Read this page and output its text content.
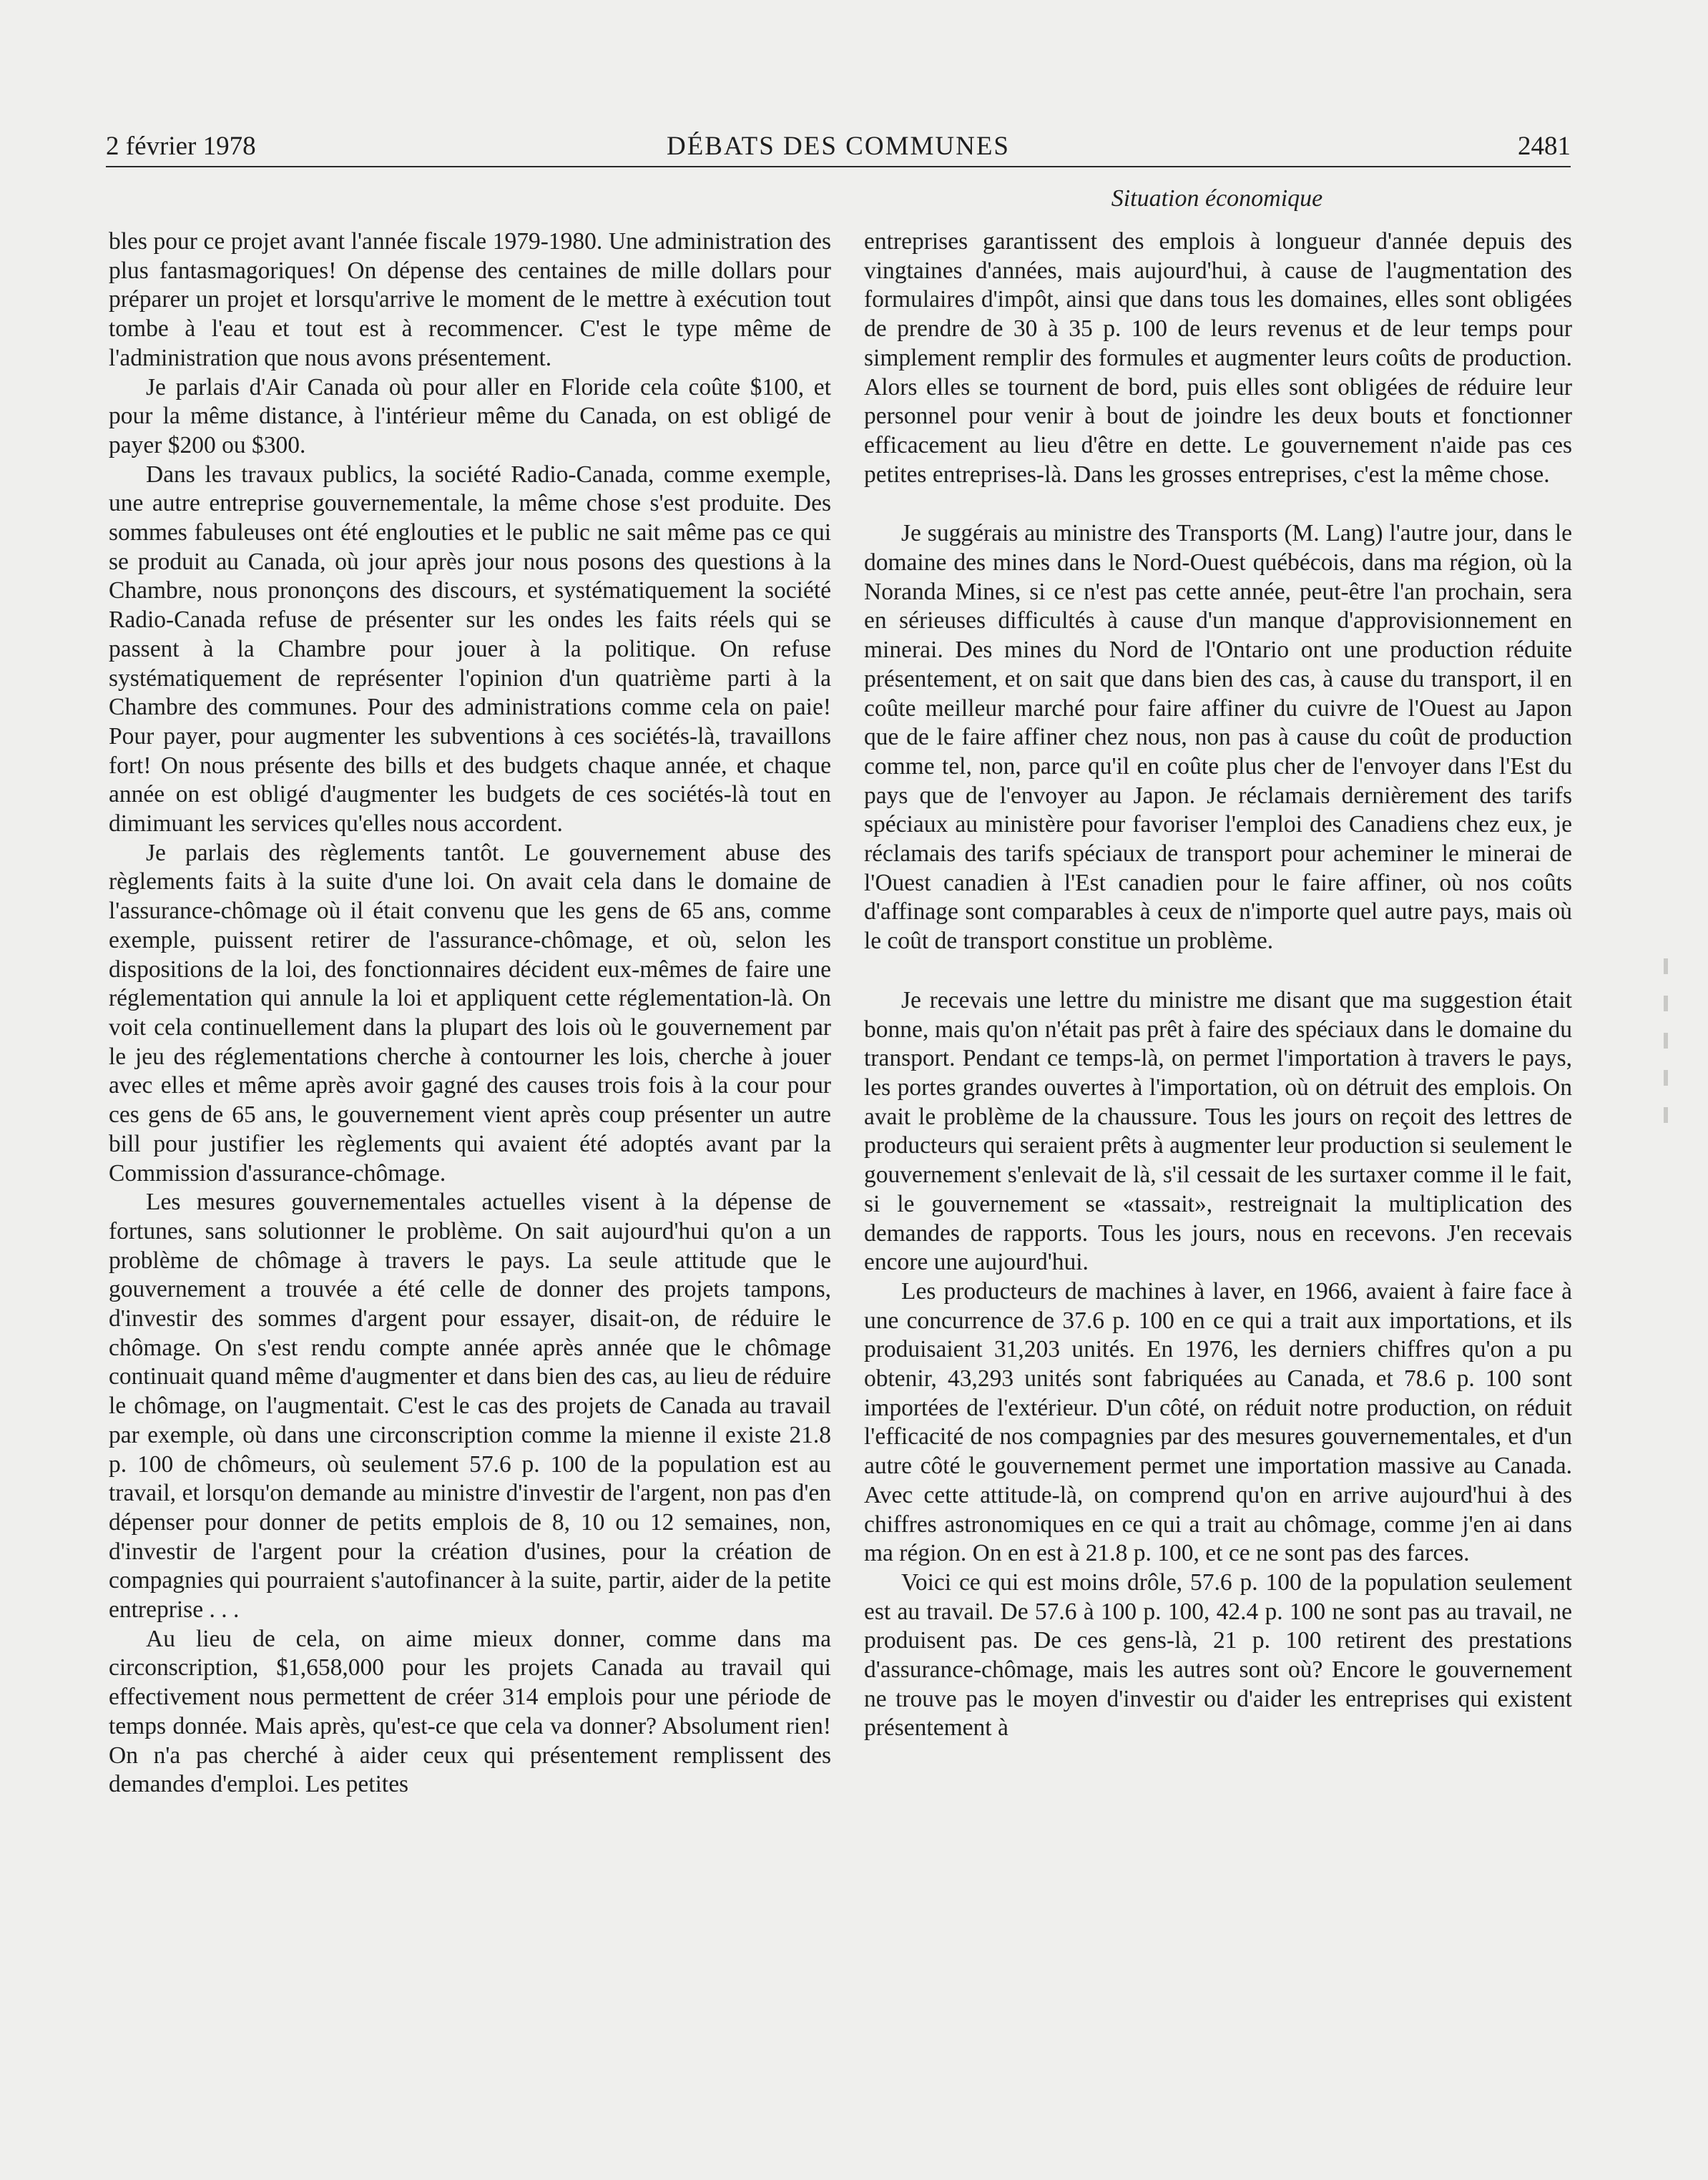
2 février 1978	DÉBATS DES COMMUNES	2481
Situation économique

bles pour ce projet avant l'année fiscale 1979-1980. Une administration des plus fantasmagoriques! On dépense des centaines de mille dollars pour préparer un projet et lorsqu'arrive le moment de le mettre à exécution tout tombe à l'eau et tout est à recommencer. C'est le type même de l'administration que nous avons présentement.

Je parlais d'Air Canada où pour aller en Floride cela coûte $100, et pour la même distance, à l'intérieur même du Canada, on est obligé de payer $200 ou $300.

Dans les travaux publics, la société Radio-Canada, comme exemple, une autre entreprise gouvernementale, la même chose s'est produite. Des sommes fabuleuses ont été englouties et le public ne sait même pas ce qui se produit au Canada, où jour après jour nous posons des questions à la Chambre, nous prononçons des discours, et systématiquement la société Radio-Canada refuse de présenter sur les ondes les faits réels qui se passent à la Chambre pour jouer à la politique. On refuse systématiquement de représenter l'opinion d'un quatrième parti à la Chambre des communes. Pour des administrations comme cela on paie! Pour payer, pour augmenter les subventions à ces sociétés-là, travaillons fort! On nous présente des bills et des budgets chaque année, et chaque année on est obligé d'augmenter les budgets de ces sociétés-là tout en dimimuant les services qu'elles nous accordent.

Je parlais des règlements tantôt. Le gouvernement abuse des règlements faits à la suite d'une loi. On avait cela dans le domaine de l'assurance-chômage où il était convenu que les gens de 65 ans, comme exemple, puissent retirer de l'assurance-chômage, et où, selon les dispositions de la loi, des fonctionnaires décident eux-mêmes de faire une réglementation qui annule la loi et appliquent cette réglementation-là. On voit cela continuellement dans la plupart des lois où le gouvernement par le jeu des réglementations cherche à contourner les lois, cherche à jouer avec elles et même après avoir gagné des causes trois fois à la cour pour ces gens de 65 ans, le gouvernement vient après coup présenter un autre bill pour justifier les règlements qui avaient été adoptés avant par la Commission d'assurance-chômage.

Les mesures gouvernementales actuelles visent à la dépense de fortunes, sans solutionner le problème. On sait aujourd'hui qu'on a un problème de chômage à travers le pays. La seule attitude que le gouvernement a trouvée a été celle de donner des projets tampons, d'investir des sommes d'argent pour essayer, disait-on, de réduire le chômage. On s'est rendu compte année après année que le chômage continuait quand même d'augmenter et dans bien des cas, au lieu de réduire le chômage, on l'augmentait. C'est le cas des projets de Canada au travail par exemple, où dans une circonscription comme la mienne il existe 21.8 p. 100 de chômeurs, où seulement 57.6 p. 100 de la population est au travail, et lorsqu'on demande au ministre d'investir de l'argent, non pas d'en dépenser pour donner de petits emplois de 8, 10 ou 12 semaines, non, d'investir de l'argent pour la création d'usines, pour la création de compagnies qui pourraient s'autofinancer à la suite, partir, aider de la petite entreprise . . .

Au lieu de cela, on aime mieux donner, comme dans ma circonscription, $1,658,000 pour les projets Canada au travail qui effectivement nous permettent de créer 314 emplois pour une période de temps donnée. Mais après, qu'est-ce que cela va donner? Absolument rien! On n'a pas cherché à aider ceux qui présentement remplissent des demandes d'emploi. Les petites

entreprises garantissent des emplois à longueur d'année depuis des vingtaines d'années, mais aujourd'hui, à cause de l'augmentation des formulaires d'impôt, ainsi que dans tous les domaines, elles sont obligées de prendre de 30 à 35 p. 100 de leurs revenus et de leur temps pour simplement remplir des formules et augmenter leurs coûts de production. Alors elles se tournent de bord, puis elles sont obligées de réduire leur personnel pour venir à bout de joindre les deux bouts et fonctionner efficacement au lieu d'être en dette. Le gouvernement n'aide pas ces petites entreprises-là. Dans les grosses entreprises, c'est la même chose.

Je suggérais au ministre des Transports (M. Lang) l'autre jour, dans le domaine des mines dans le Nord-Ouest québécois, dans ma région, où la Noranda Mines, si ce n'est pas cette année, peut-être l'an prochain, sera en sérieuses difficultés à cause d'un manque d'approvisionnement en minerai. Des mines du Nord de l'Ontario ont une production réduite présentement, et on sait que dans bien des cas, à cause du transport, il en coûte meilleur marché pour faire affiner du cuivre de l'Ouest au Japon que de le faire affiner chez nous, non pas à cause du coût de production comme tel, non, parce qu'il en coûte plus cher de l'envoyer dans l'Est du pays que de l'envoyer au Japon. Je réclamais dernièrement des tarifs spéciaux au ministère pour favoriser l'emploi des Canadiens chez eux, je réclamais des tarifs spéciaux de transport pour acheminer le minerai de l'Ouest canadien à l'Est canadien pour le faire affiner, où nos coûts d'affinage sont comparables à ceux de n'importe quel autre pays, mais où le coût de transport constitue un problème.

Je recevais une lettre du ministre me disant que ma suggestion était bonne, mais qu'on n'était pas prêt à faire des spéciaux dans le domaine du transport. Pendant ce temps-là, on permet l'importation à travers le pays, les portes grandes ouvertes à l'importation, où on détruit des emplois. On avait le problème de la chaussure. Tous les jours on reçoit des lettres de producteurs qui seraient prêts à augmenter leur production si seulement le gouvernement s'enlevait de là, s'il cessait de les surtaxer comme il le fait, si le gouvernement se «tassait», restreignait la multiplication des demandes de rapports. Tous les jours, nous en recevons. J'en recevais encore une aujourd'hui.

Les producteurs de machines à laver, en 1966, avaient à faire face à une concurrence de 37.6 p. 100 en ce qui a trait aux importations, et ils produisaient 31,203 unités. En 1976, les derniers chiffres qu'on a pu obtenir, 43,293 unités sont fabriquées au Canada, et 78.6 p. 100 sont importées de l'extérieur. D'un côté, on réduit notre production, on réduit l'efficacité de nos compagnies par des mesures gouvernementales, et d'un autre côté le gouvernement permet une importation massive au Canada. Avec cette attitude-là, on comprend qu'on en arrive aujourd'hui à des chiffres astronomiques en ce qui a trait au chômage, comme j'en ai dans ma région. On en est à 21.8 p. 100, et ce ne sont pas des farces.

Voici ce qui est moins drôle, 57.6 p. 100 de la population seulement est au travail. De 57.6 à 100 p. 100, 42.4 p. 100 ne sont pas au travail, ne produisent pas. De ces gens-là, 21 p. 100 retirent des prestations d'assurance-chômage, mais les autres sont où? Encore le gouvernement ne trouve pas le moyen d'investir ou d'aider les entreprises qui existent présentement à
